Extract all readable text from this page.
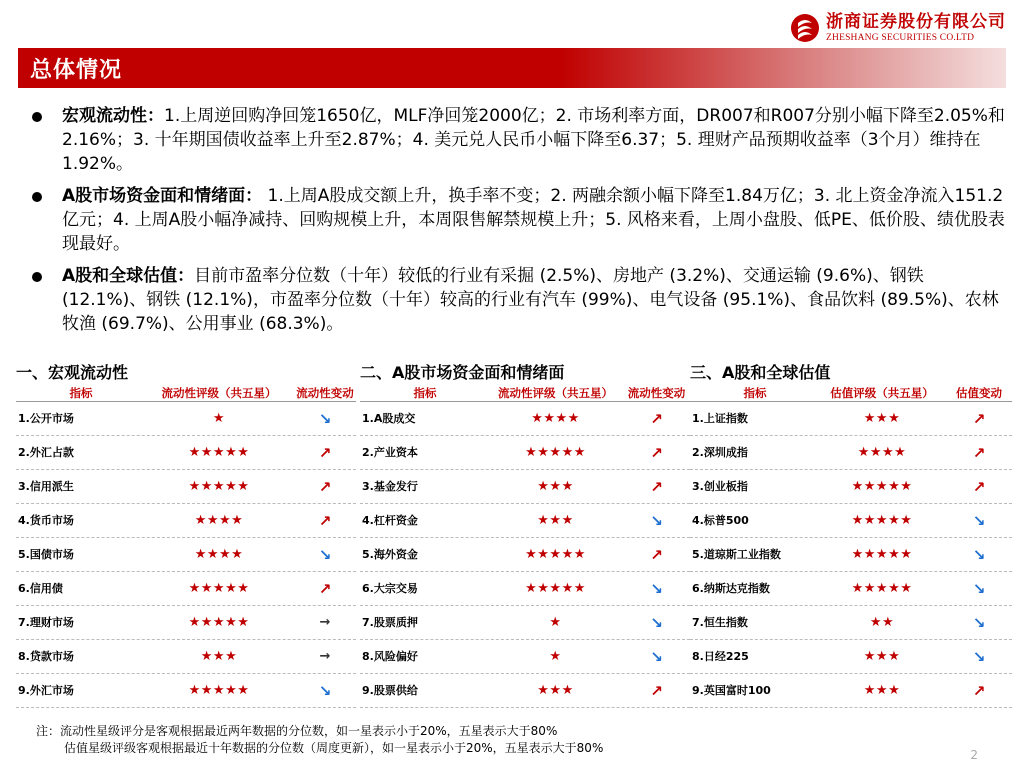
浙商证券股份有限公司
ZHESHANG SECURITIES CO.LTD
总体情况
宏观流动性：1.上周逆回购净回笼1650亿，MLF净回笼2000亿；2. 市场利率方面，DR007和R007分别小幅下降至2.05%和2.16%；3. 十年期国债收益率上升至2.87%；4. 美元兑人民币小幅下降至6.37；5. 理财产品预期收益率（3个月）维持在1.92%。
A股市场资金面和情绪面： 1.上周A股成交额上升，换手率不变；2. 两融余额小幅下降至1.84万亿；3. 北上资金净流入151.2亿元；4. 上周A股小幅净减持、回购规模上升，本周限售解禁规模上升；5. 风格来看，上周小盘股、低PE、低价股、绩优股表现最好。
A股和全球估值：目前市盈率分位数（十年）较低的行业有采掘 (2.5%)、房地产 (3.2%)、交通运输 (9.6%)、钢铁 (12.1%)、钢铁 (12.1%)，市盈率分位数（十年）较高的行业有汽车 (99%)、电气设备 (95.1%)、食品饮料 (89.5%)、农林牧渔 (69.7%)、公用事业 (68.3%)。
一、宏观流动性
指标	流动性评级（共五星）	流动性变动
1.公开市场	★	↘
2.外汇占款	★★★★★	↗
3.信用派生	★★★★★	↗
4.货币市场	★★★★	↗
5.国债市场	★★★★	↘
6.信用债	★★★★★	↗
7.理财市场	★★★★★	→
8.贷款市场	★★★	→
9.外汇市场	★★★★★	↘
二、A股市场资金面和情绪面
指标	流动性评级（共五星）	流动性变动
1.A股成交	★★★★	↗
2.产业资本	★★★★★	↗
3.基金发行	★★★	↗
4.杠杆资金	★★★	↘
5.海外资金	★★★★★	↗
6.大宗交易	★★★★★	↘
7.股票质押	★	↘
8.风险偏好	★	↘
9.股票供给	★★★	↗
三、A股和全球估值
指标	估值评级（共五星）	估值变动
1.上证指数	★★★	↗
2.深圳成指	★★★★	↗
3.创业板指	★★★★★	↗
4.标普500	★★★★★	↘
5.道琼斯工业指数	★★★★★	↘
6.纳斯达克指数	★★★★★	↘
7.恒生指数	★★	↘
8.日经225	★★★	↘
9.英国富时100	★★★	↗
注：流动性星级评分是客观根据最近两年数据的分位数，如一星表示小于20%，五星表示大于80%
估值星级评级客观根据最近十年数据的分位数（周度更新），如一星表示小于20%，五星表示大于80%	2
